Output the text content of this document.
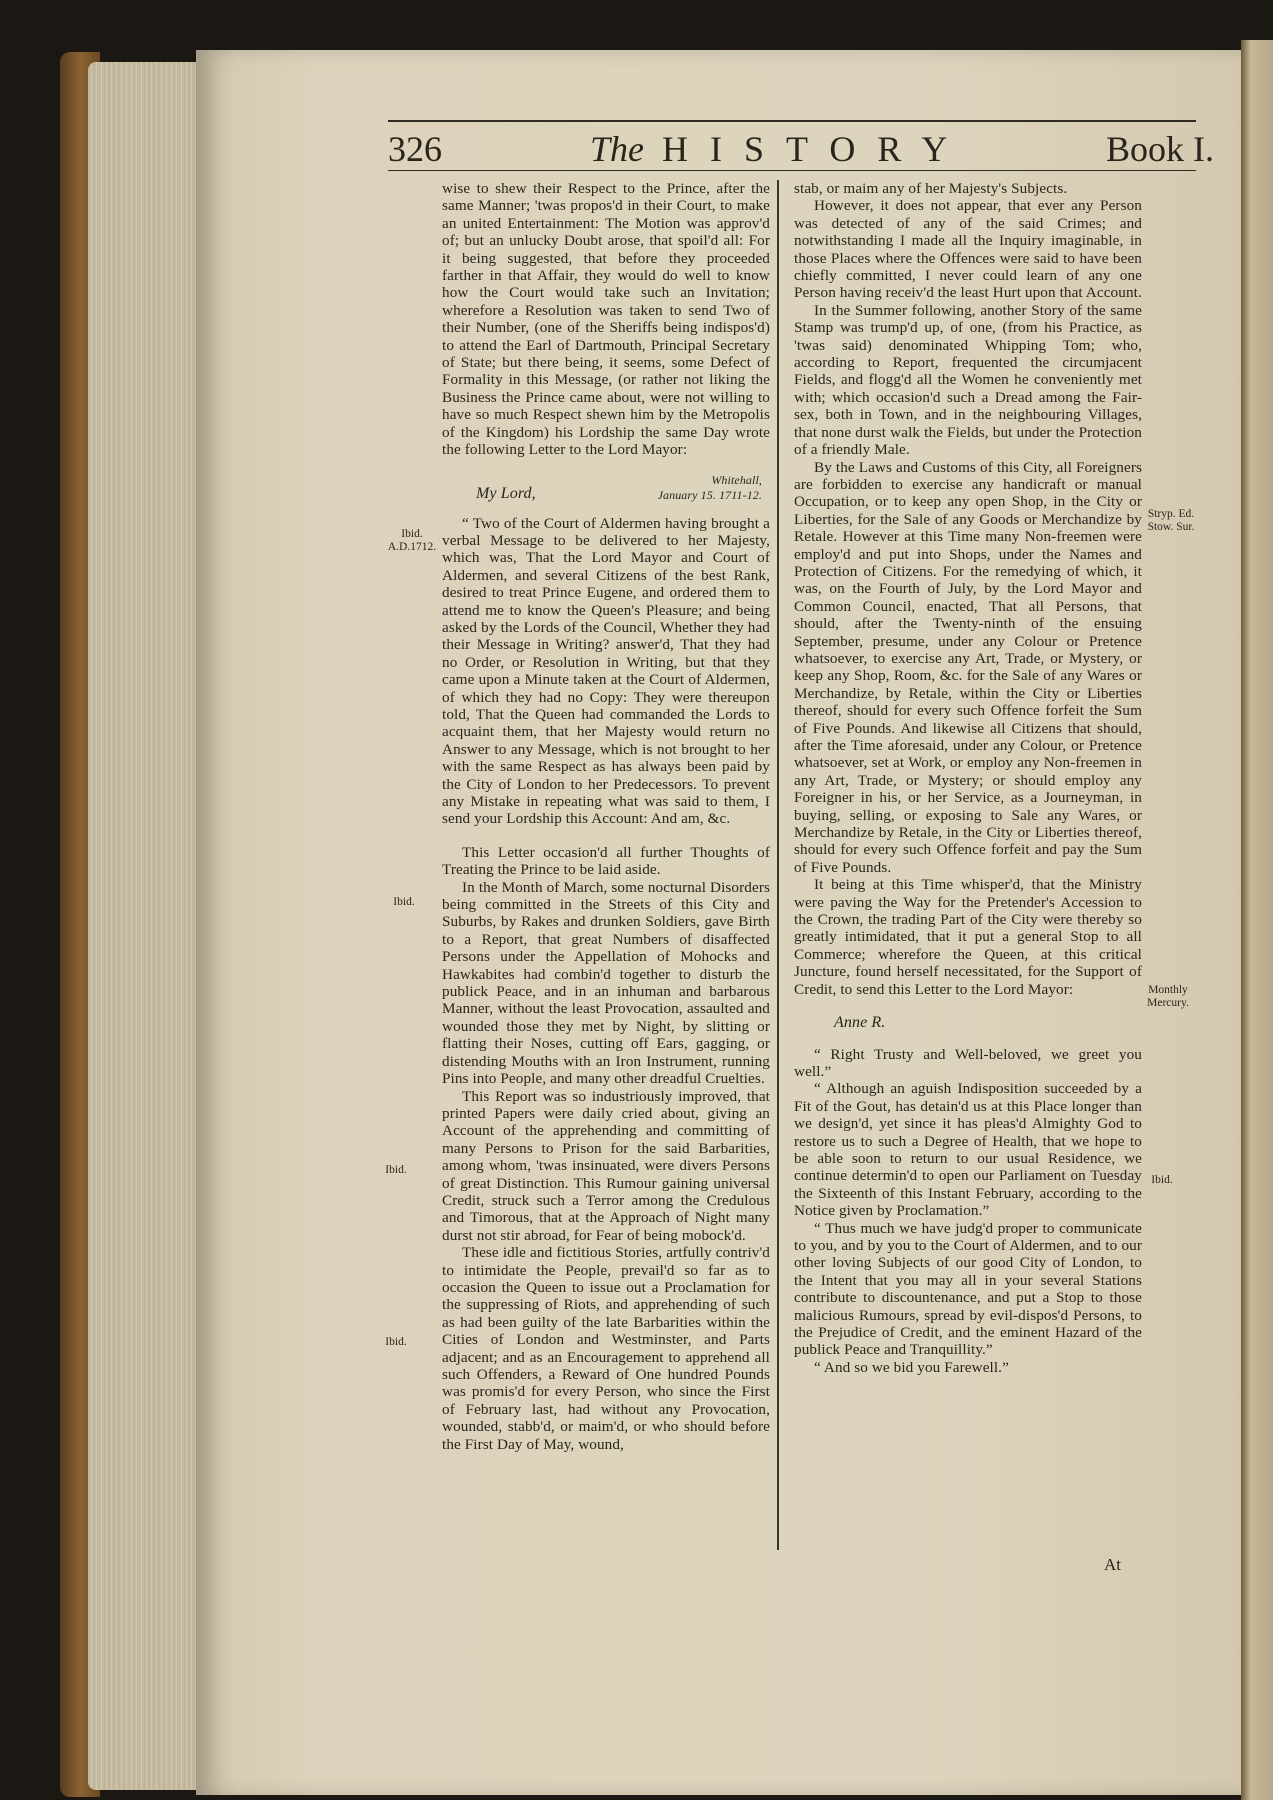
326	The HISTORY	Book I.

wise to shew their Respect to the Prince, after the same Manner; 'twas propos'd in their Court, to make an united Entertainment: The Motion was approv'd of; but an unlucky Doubt arose, that spoil'd all: For it being suggested, that before they proceeded farther in that Affair, they would do well to know how the Court would take such an Invitation; wherefore a Resolution was taken to send Two of their Number, (one of the Sheriffs being indispos'd) to attend the Earl of Dartmouth, Principal Secretary of State; but there being, it seems, some Defect of Formality in this Message, (or rather not liking the Business the Prince came about, were not willing to have so much Respect shewn him by the Metropolis of the Kingdom) his Lordship the same Day wrote the following Letter to the Lord Mayor:

My Lord,
Whitehall,
January 15. 1711-12.

“ Two of the Court of Aldermen having brought a verbal Message to be delivered to her Majesty, which was, That the Lord Mayor and Court of Aldermen, and several Citizens of the best Rank, desired to treat Prince Eugene, and ordered them to attend me to know the Queen's Pleasure; and being asked by the Lords of the Council, Whether they had their Message in Writing? answer'd, That they had no Order, or Resolution in Writing, but that they came upon a Minute taken at the Court of Aldermen, of which they had no Copy: They were thereupon told, That the Queen had commanded the Lords to acquaint them, that her Majesty would return no Answer to any Message, which is not brought to her with the same Respect as has always been paid by the City of London to her Predecessors. To prevent any Mistake in repeating what was said to them, I send your Lordship this Account: And am, &c.

This Letter occasion'd all further Thoughts of Treating the Prince to be laid aside.

In the Month of March, some nocturnal Disorders being committed in the Streets of this City and Suburbs, by Rakes and drunken Soldiers, gave Birth to a Report, that great Numbers of disaffected Persons under the Appellation of Mohocks and Hawkabites had combin'd together to disturb the publick Peace, and in an inhuman and barbarous Manner, without the least Provocation, assaulted and wounded those they met by Night, by slitting or flatting their Noses, cutting off Ears, gagging, or distending Mouths with an Iron Instrument, running Pins into People, and many other dreadful Cruelties.

This Report was so industriously improved, that printed Papers were daily cried about, giving an Account of the apprehending and committing of many Persons to Prison for the said Barbarities, among whom, 'twas insinuated, were divers Persons of great Distinction. This Rumour gaining universal Credit, struck such a Terror among the Credulous and Timorous, that at the Approach of Night many durst not stir abroad, for Fear of being mobock'd.

These idle and fictitious Stories, artfully contriv'd to intimidate the People, prevail'd so far as to occasion the Queen to issue out a Proclamation for the suppressing of Riots, and apprehending of such as had been guilty of the late Barbarities within the Cities of London and Westminster, and Parts adjacent; and as an Encouragement to apprehend all such Offenders, a Reward of One hundred Pounds was promis'd for every Person, who since the First of February last, had without any Provocation, wounded, stabb'd, or maim'd, or who should before the First Day of May, wound,

stab, or maim any of her Majesty's Subjects.

However, it does not appear, that ever any Person was detected of any of the said Crimes; and notwithstanding I made all the Inquiry imaginable, in those Places where the Offences were said to have been chiefly committed, I never could learn of any one Person having receiv'd the least Hurt upon that Account.

In the Summer following, another Story of the same Stamp was trump'd up, of one, (from his Practice, as 'twas said) denominated Whipping Tom; who, according to Report, frequented the circumjacent Fields, and flogg'd all the Women he conveniently met with; which occasion'd such a Dread among the Fair-sex, both in Town, and in the neighbouring Villages, that none durst walk the Fields, but under the Protection of a friendly Male.

By the Laws and Customs of this City, all Foreigners are forbidden to exercise any handicraft or manual Occupation, or to keep any open Shop, in the City or Liberties, for the Sale of any Goods or Merchandize by Retale. However at this Time many Non-freemen were employ'd and put into Shops, under the Names and Protection of Citizens. For the remedying of which, it was, on the Fourth of July, by the Lord Mayor and Common Council, enacted, That all Persons, that should, after the Twenty-ninth of the ensuing September, presume, under any Colour or Pretence whatsoever, to exercise any Art, Trade, or Mystery, or keep any Shop, Room, &c. for the Sale of any Wares or Merchandize, by Retale, within the City or Liberties thereof, should for every such Offence forfeit the Sum of Five Pounds. And likewise all Citizens that should, after the Time aforesaid, under any Colour, or Pretence whatsoever, set at Work, or employ any Non-freemen in any Art, Trade, or Mystery; or should employ any Foreigner in his, or her Service, as a Journeyman, in buying, selling, or exposing to Sale any Wares, or Merchandize by Retale, in the City or Liberties thereof, should for every such Offence forfeit and pay the Sum of Five Pounds.

It being at this Time whisper'd, that the Ministry were paving the Way for the Pretender's Accession to the Crown, the trading Part of the City were thereby so greatly intimidated, that it put a general Stop to all Commerce; wherefore the Queen, at this critical Juncture, found herself necessitated, for the Support of Credit, to send this Letter to the Lord Mayor:

Anne R.

“ Right Trusty and Well-beloved, we greet you well.”

“ Although an aguish Indisposition succeeded by a Fit of the Gout, has detain'd us at this Place longer than we design'd, yet since it has pleas'd Almighty God to restore us to such a Degree of Health, that we hope to be able soon to return to our usual Residence, we continue determin'd to open our Parliament on Tuesday the Sixteenth of this Instant February, according to the Notice given by Proclamation.”

“ Thus much we have judg'd proper to communicate to you, and by you to the Court of Aldermen, and to our other loving Subjects of our good City of London, to the Intent that you may all in your several Stations contribute to discountenance, and put a Stop to those malicious Rumours, spread by evil-dispos'd Persons, to the Prejudice of Credit, and the eminent Hazard of the publick Peace and Tranquillity.”

“ And so we bid you Farewell.”

At
Ibid.
A.D.1712.
Ibid.
Ibid.
Ibid.
Stryp. Ed.
Stow. Sur.
Monthly
Mercury.
Ibid.
